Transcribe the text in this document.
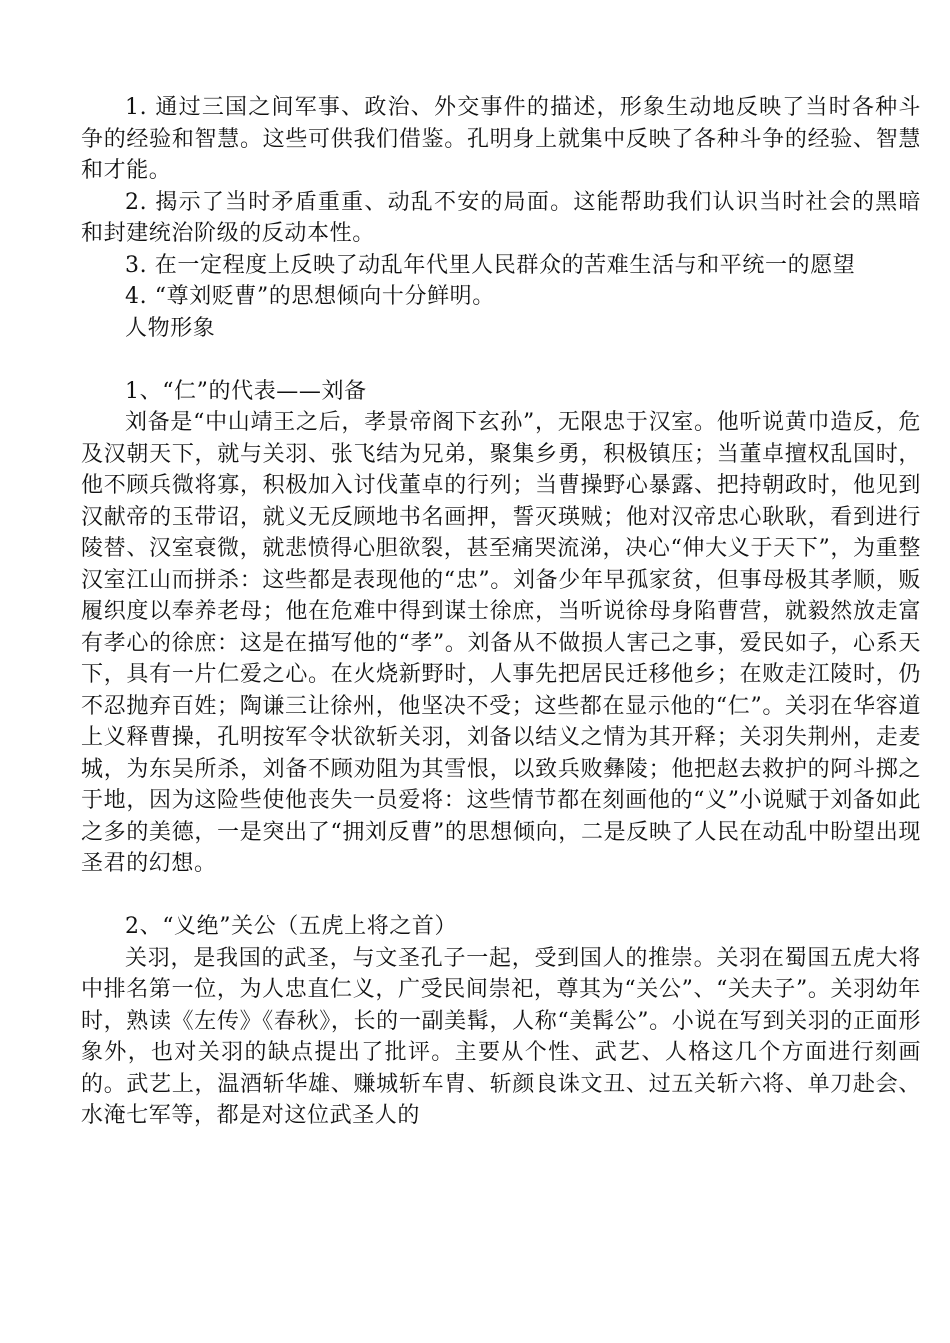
1. 通过三国之间军事、政治、外交事件的描述，形象生动地反映了当时各种斗争的经验和智慧。这些可供我们借鉴。孔明身上就集中反映了各种斗争的经验、智慧和才能。

2. 揭示了当时矛盾重重、动乱不安的局面。这能帮助我们认识当时社会的黑暗和封建统治阶级的反动本性。

3. 在一定程度上反映了动乱年代里人民群众的苦难生活与和平统一的愿望

4. “尊刘贬曹”的思想倾向十分鲜明。

人物形象

1、“仁”的代表——刘备

刘备是“中山靖王之后，孝景帝阁下玄孙”，无限忠于汉室。他听说黄巾造反，危及汉朝天下，就与关羽、张飞结为兄弟，聚集乡勇，积极镇压；当董卓擅权乱国时，他不顾兵微将寡，积极加入讨伐董卓的行列；当曹操野心暴露、把持朝政时，他见到汉献帝的玉带诏，就义无反顾地书名画押，誓灭瑛贼；他对汉帝忠心耿耿，看到进行陵替、汉室衰微，就悲愤得心胆欲裂，甚至痛哭流涕，决心“伸大义于天下”，为重整汉室江山而拼杀：这些都是表现他的“忠”。刘备少年早孤家贫，但事母极其孝顺，贩履织度以奉养老母；他在危难中得到谋士徐庶，当听说徐母身陷曹营，就毅然放走富有孝心的徐庶：这是在描写他的“孝”。刘备从不做损人害己之事，爱民如子，心系天下，具有一片仁爱之心。在火烧新野时，人事先把居民迁移他乡；在败走江陵时，仍不忍抛弃百姓；陶谦三让徐州，他坚决不受；这些都在显示他的“仁”。关羽在华容道上义释曹操，孔明按军令状欲斩关羽，刘备以结义之情为其开释；关羽失荆州，走麦城，为东吴所杀，刘备不顾劝阻为其雪恨，以致兵败彝陵；他把赵去救护的阿斗掷之于地，因为这险些使他丧失一员爱将：这些情节都在刻画他的“义”小说赋于刘备如此之多的美德，一是突出了“拥刘反曹”的思想倾向，二是反映了人民在动乱中盼望出现圣君的幻想。

2、“义绝”关公（五虎上将之首）

关羽，是我国的武圣，与文圣孔子一起，受到国人的推崇。关羽在蜀国五虎大将中排名第一位，为人忠直仁义，广受民间崇祀，尊其为“关公”、“关夫子”。关羽幼年时，熟读《左传》《春秋》，长的一副美髯，人称“美髯公”。小说在写到关羽的正面形象外，也对关羽的缺点提出了批评。主要从个性、武艺、人格这几个方面进行刻画的。武艺上，温酒斩华雄、赚城斩车胄、斩颜良诛文丑、过五关斩六将、单刀赴会、水淹七军等，都是对这位武圣人的
